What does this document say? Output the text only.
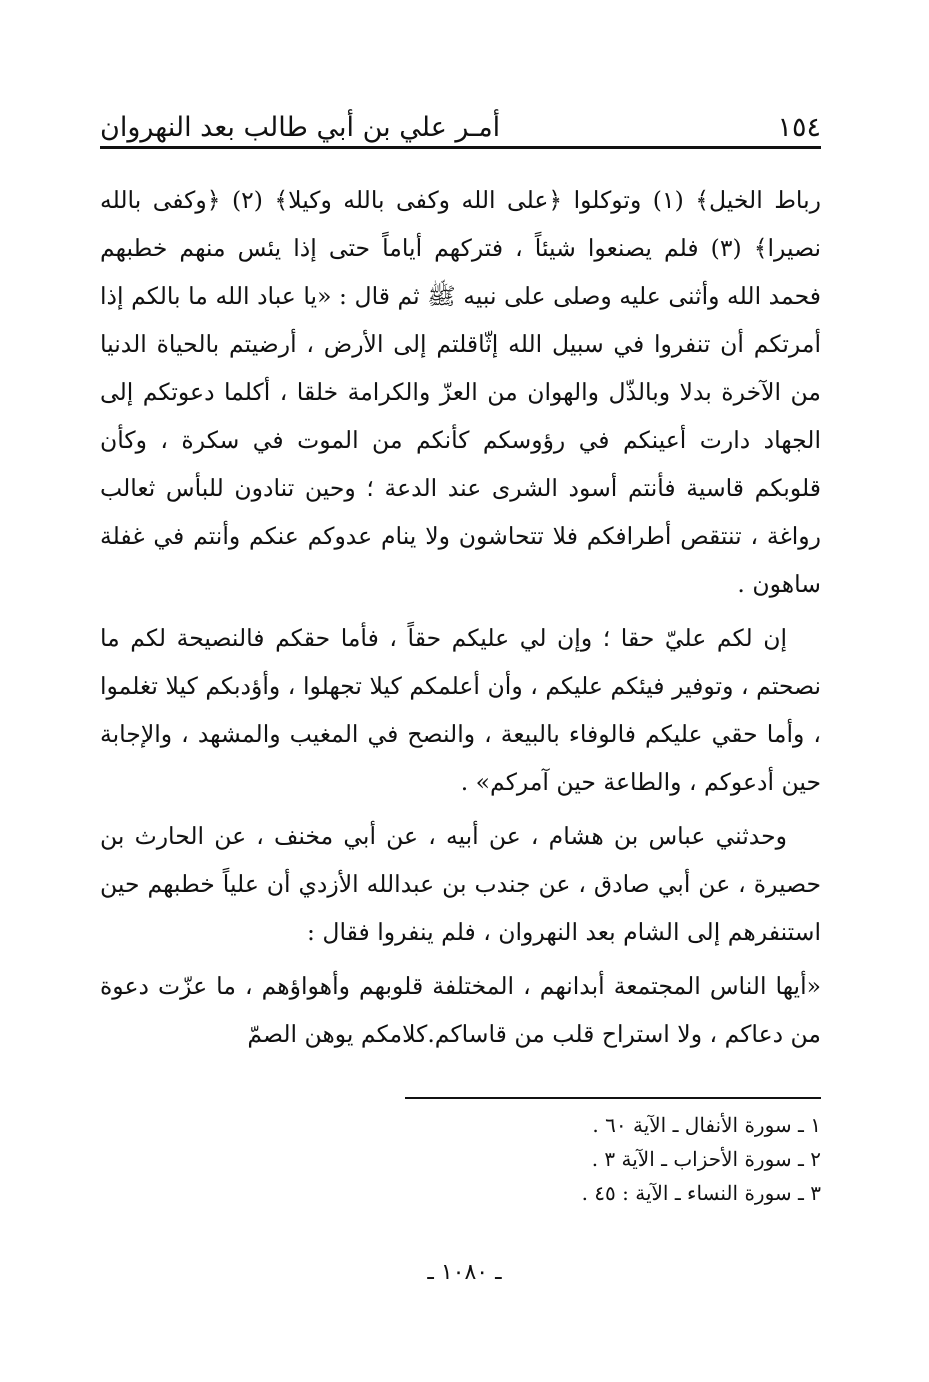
١٥٤
أمـر علي بن أبي طالب بعد النهروان

رباط الخيل﴾ (١) وتوكلوا ﴿على الله وكفى بالله وكيلا﴾ (٢) ﴿وكفى بالله نصيرا﴾ (٣) فلم يصنعوا شيئاً ، فتركهم أياماً حتى إذا يئس منهم خطبهم فحمد الله وأثنى عليه وصلى على نبيه ﷺ ثم قال : «يا عباد الله ما بالكم إذا أمرتكم أن تنفروا في سبيل الله إثّاقلتم إلى الأرض ، أرضيتم بالحياة الدنيا من الآخرة بدلا وبالذّل والهوان من العزّ والكرامة خلقا ، أكلما دعوتكم إلى الجهاد دارت أعينكم في رؤوسكم كأنكم من الموت في سكرة ، وكأن قلوبكم قاسية فأنتم أسود الشرى عند الدعة ؛ وحين تنادون للبأس ثعالب رواغة ، تنتقص أطرافكم فلا تتحاشون ولا ينام عدوكم عنكم وأنتم في غفلة ساهون .

إن لكم عليّ حقا ؛ وإن لي عليكم حقاً ، فأما حقكم فالنصيحة لكم ما نصحتم ، وتوفير فيئكم عليكم ، وأن أعلمكم كيلا تجهلوا ، وأؤدبكم كيلا تغلموا ، وأما حقي عليكم فالوفاء بالبيعة ، والنصح في المغيب والمشهد ، والإجابة حين أدعوكم ، والطاعة حين آمركم» .

وحدثني عباس بن هشام ، عن أبيه ، عن أبي مخنف ، عن الحارث بن حصيرة ، عن أبي صادق ، عن جندب بن عبدالله الأزدي أن علياً خطبهم حين استنفرهم إلى الشام بعد النهروان ، فلم ينفروا فقال :

«أيها الناس المجتمعة أبدانهم ، المختلفة قلوبهم وأهواؤهم ، ما عزّت دعوة من دعاكم ، ولا استراح قلب من قاساكم.كلامكم يوهن الصمّ

١ ـ سورة الأنفال ـ الآية ٦٠ .
٢ ـ سورة الأحزاب ـ الآية ٣ .
٣ ـ سورة النساء ـ الآية : ٤٥ .
ـ ١٠٨٠ ـ
